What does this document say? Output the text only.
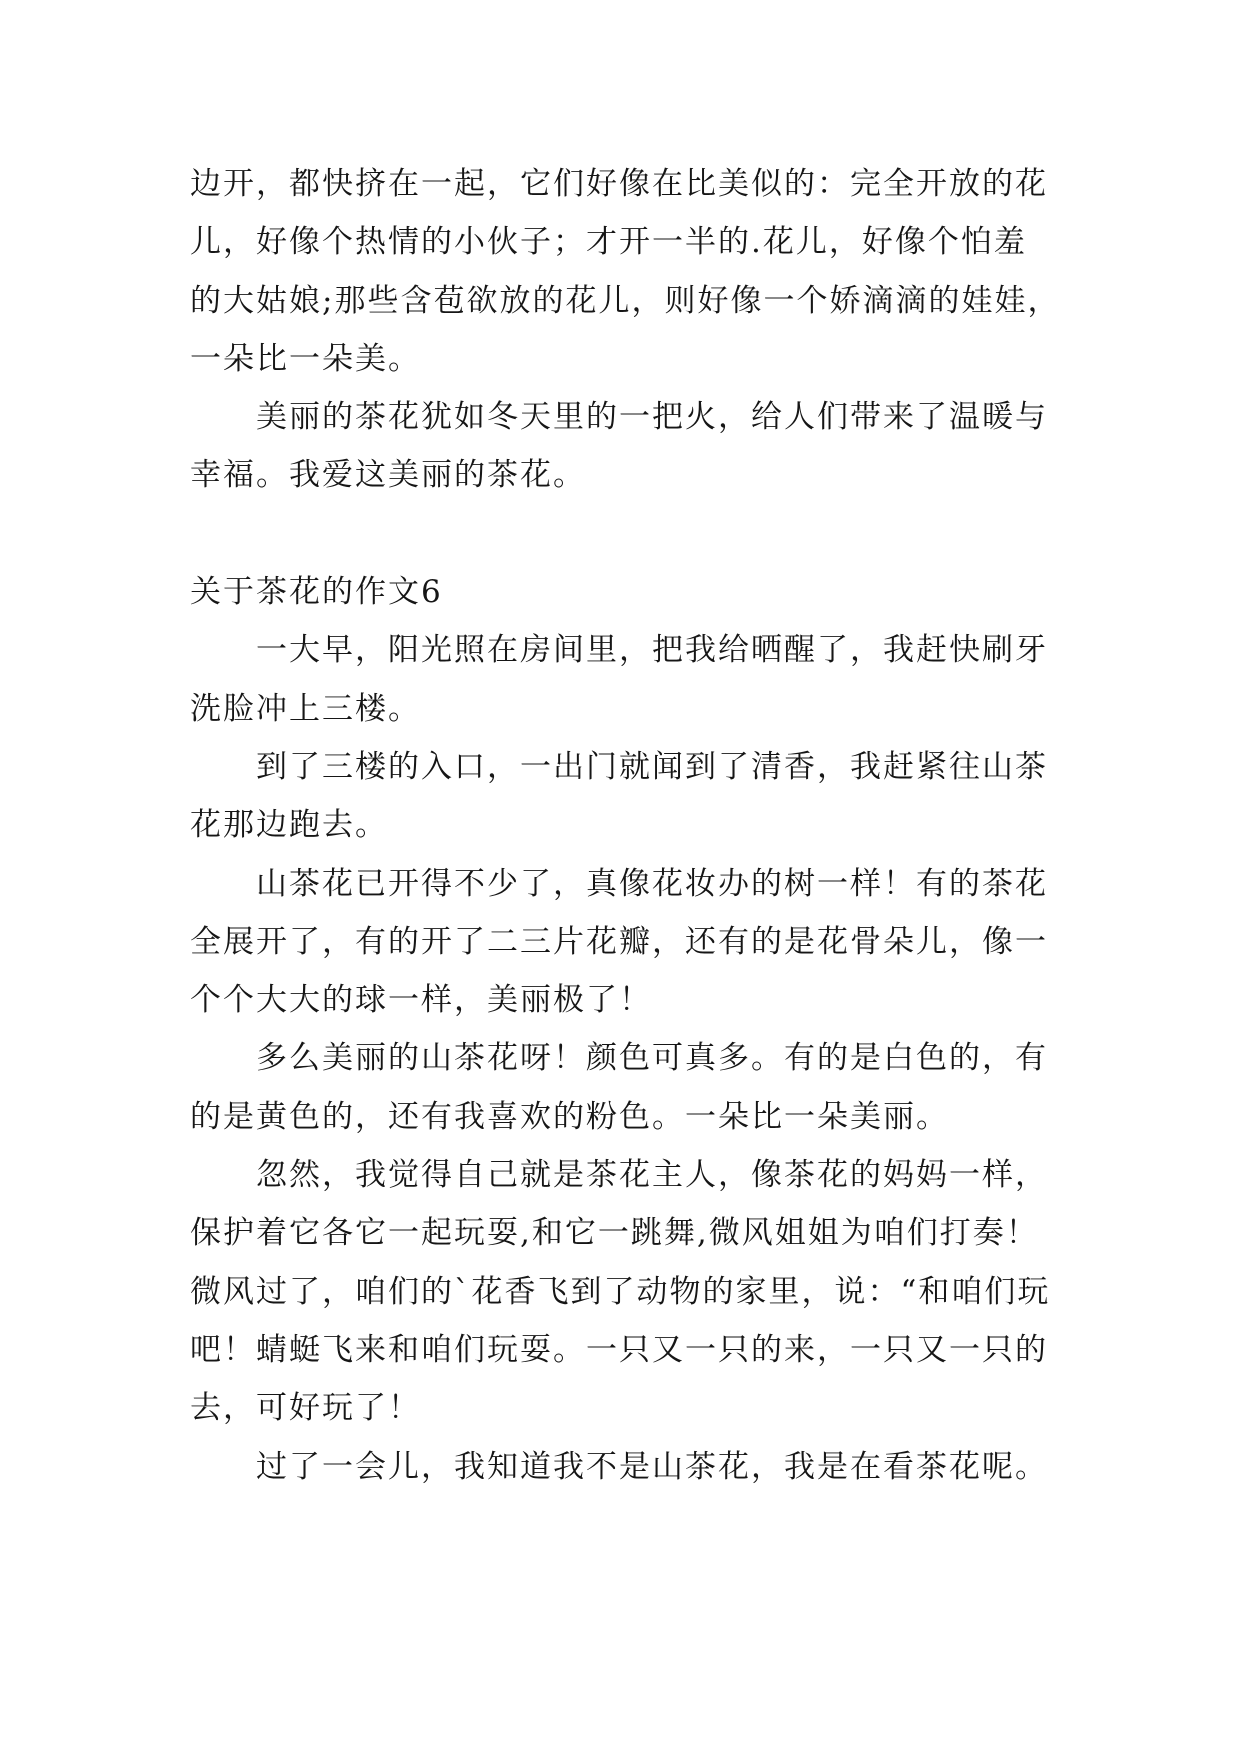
边开，都快挤在一起，它们好像在比美似的：完全开放的花
儿，好像个热情的小伙子；才开一半的.花儿，好像个怕羞
的大姑娘;那些含苞欲放的花儿，则好像一个娇滴滴的娃娃，
一朵比一朵美。
美丽的茶花犹如冬天里的一把火，给人们带来了温暖与
幸福。我爱这美丽的茶花。
关于茶花的作文6
一大早，阳光照在房间里，把我给晒醒了，我赶快刷牙
洗脸冲上三楼。
到了三楼的入口，一出门就闻到了清香，我赶紧往山茶
花那边跑去。
山茶花已开得不少了，真像花妆办的树一样！有的茶花
全展开了，有的开了二三片花瓣，还有的是花骨朵儿，像一
个个大大的球一样，美丽极了！
多么美丽的山茶花呀！颜色可真多。有的是白色的，有
的是黄色的，还有我喜欢的粉色。一朵比一朵美丽。
忽然，我觉得自己就是茶花主人，像茶花的妈妈一样，
保护着它各它一起玩耍,和它一跳舞,微风姐姐为咱们打奏！
微风过了，咱们的`花香飞到了动物的家里，说：“和咱们玩
吧！蜻蜓飞来和咱们玩耍。一只又一只的来，一只又一只的
去，可好玩了！
过了一会儿，我知道我不是山茶花，我是在看茶花呢。
